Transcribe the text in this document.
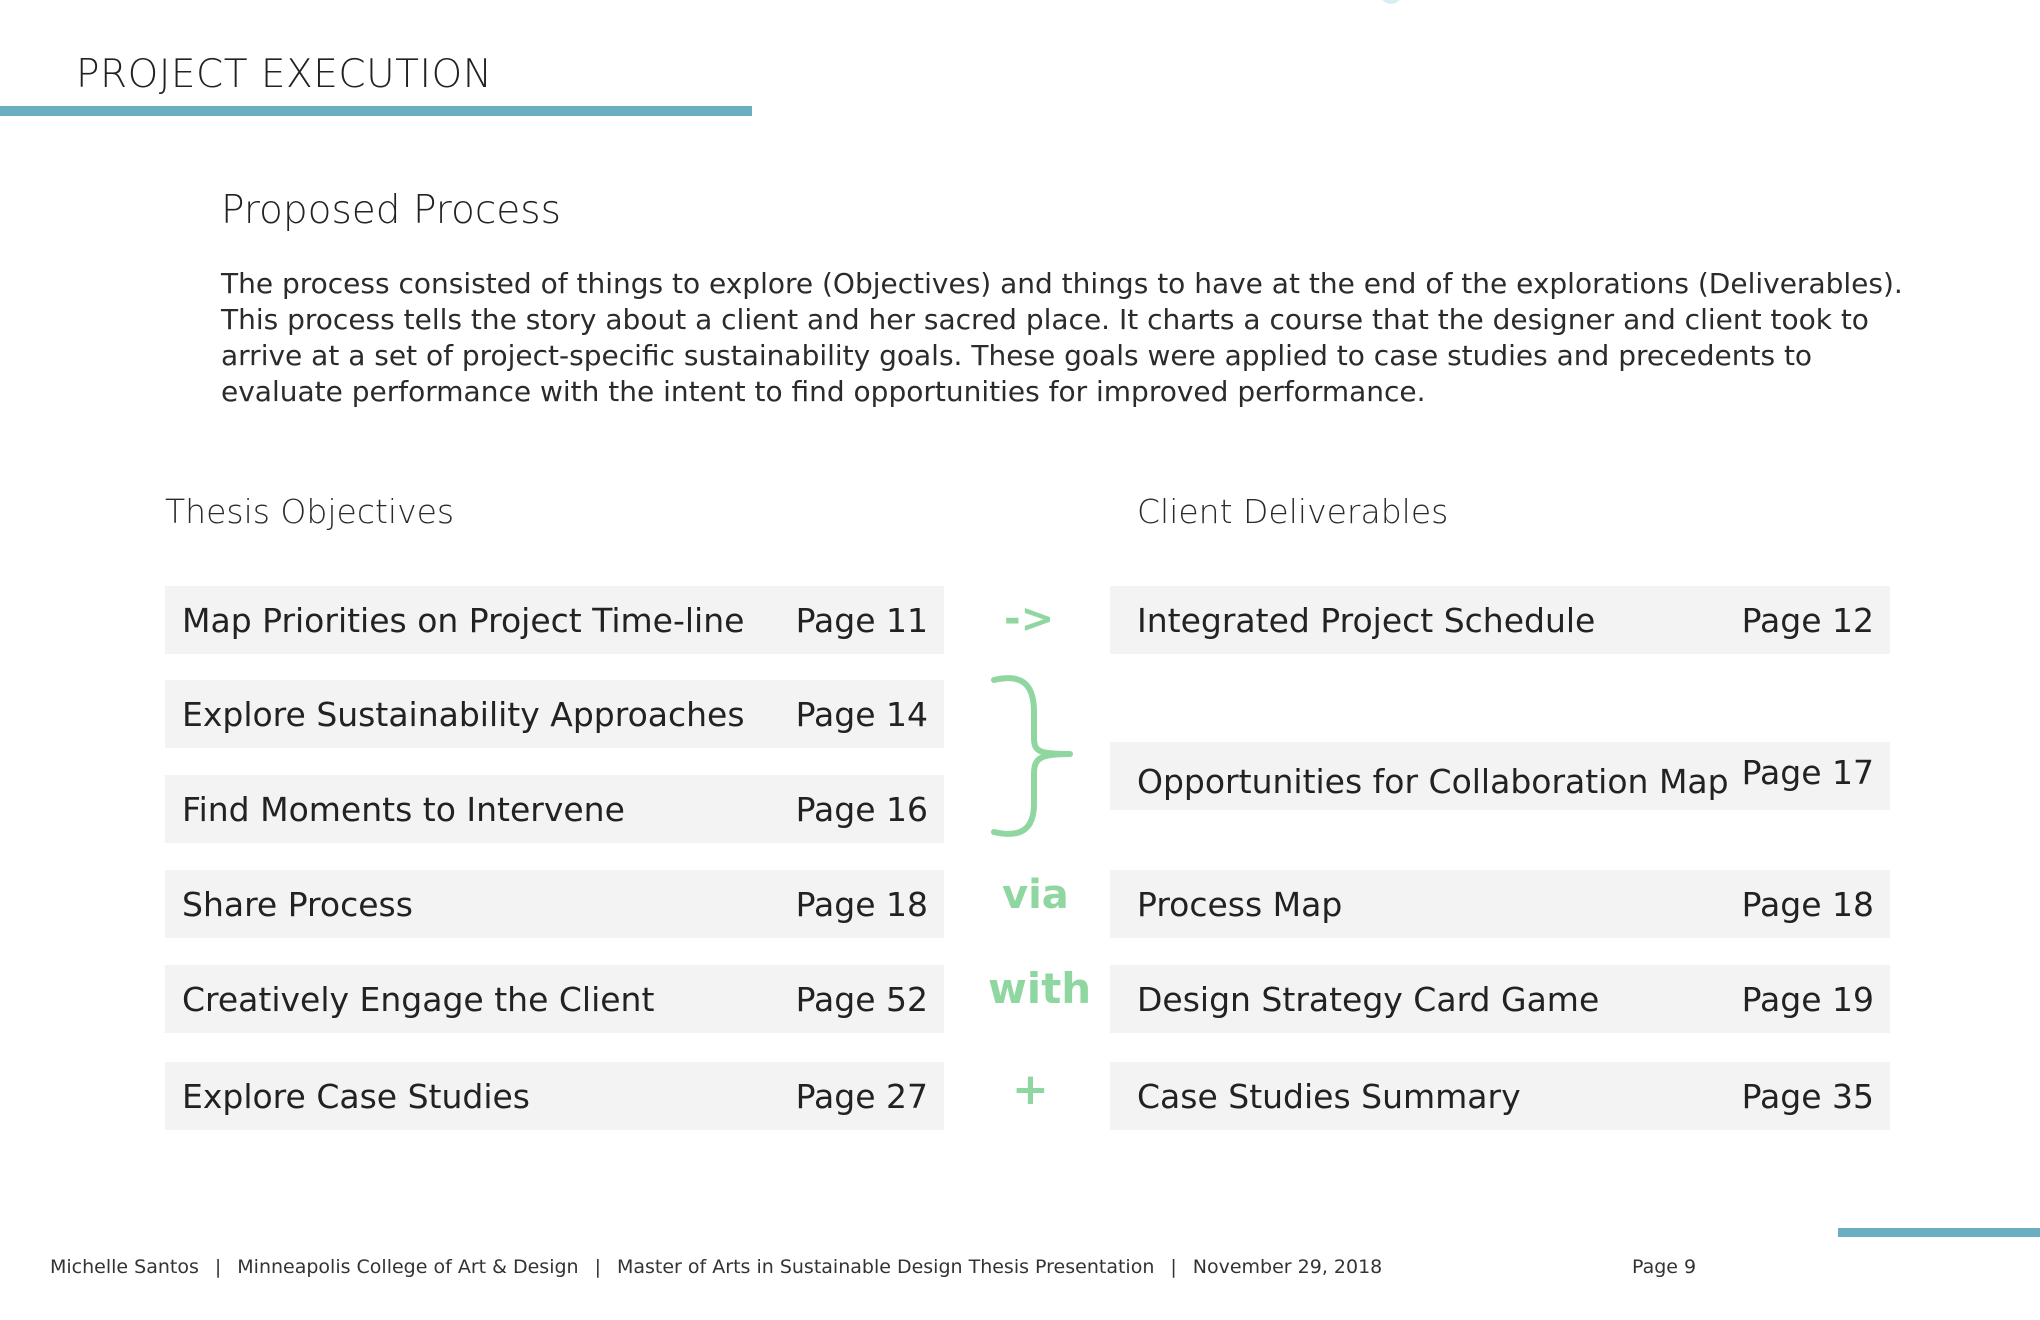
PROJECT EXECUTION
Proposed Process

The process consisted of things to explore (Objectives) and things to have at the end of the explorations (Deliverables).

This process tells the story about a client and her sacred place. It charts a course that the designer and client took to

arrive at a set of project-specific sustainability goals. These goals were applied to case studies and precedents to

evaluate performance with the intent to find opportunities for improved performance.

Thesis Objectives	Client Deliverables
Map Priorities on Project Time-line Page 11
Explore Sustainability Approaches Page 14
Find Moments to Intervene	Page 16
Share Process	Page 18
Creatively Engage the Client	Page 52
Explore Case Studies	Page 27
->
via
with
+
Integrated Project Schedule	Page 12
Opportunities for Collaboration Map Page 17
Process Map	Page 18
Design Strategy Card Game	Page 19
Case Studies Summary	Page 35
Michelle Santos | Minneapolis College of Art & Design | Master of Arts in Sustainable Design Thesis Presentation | November 29, 2018	Page 9
